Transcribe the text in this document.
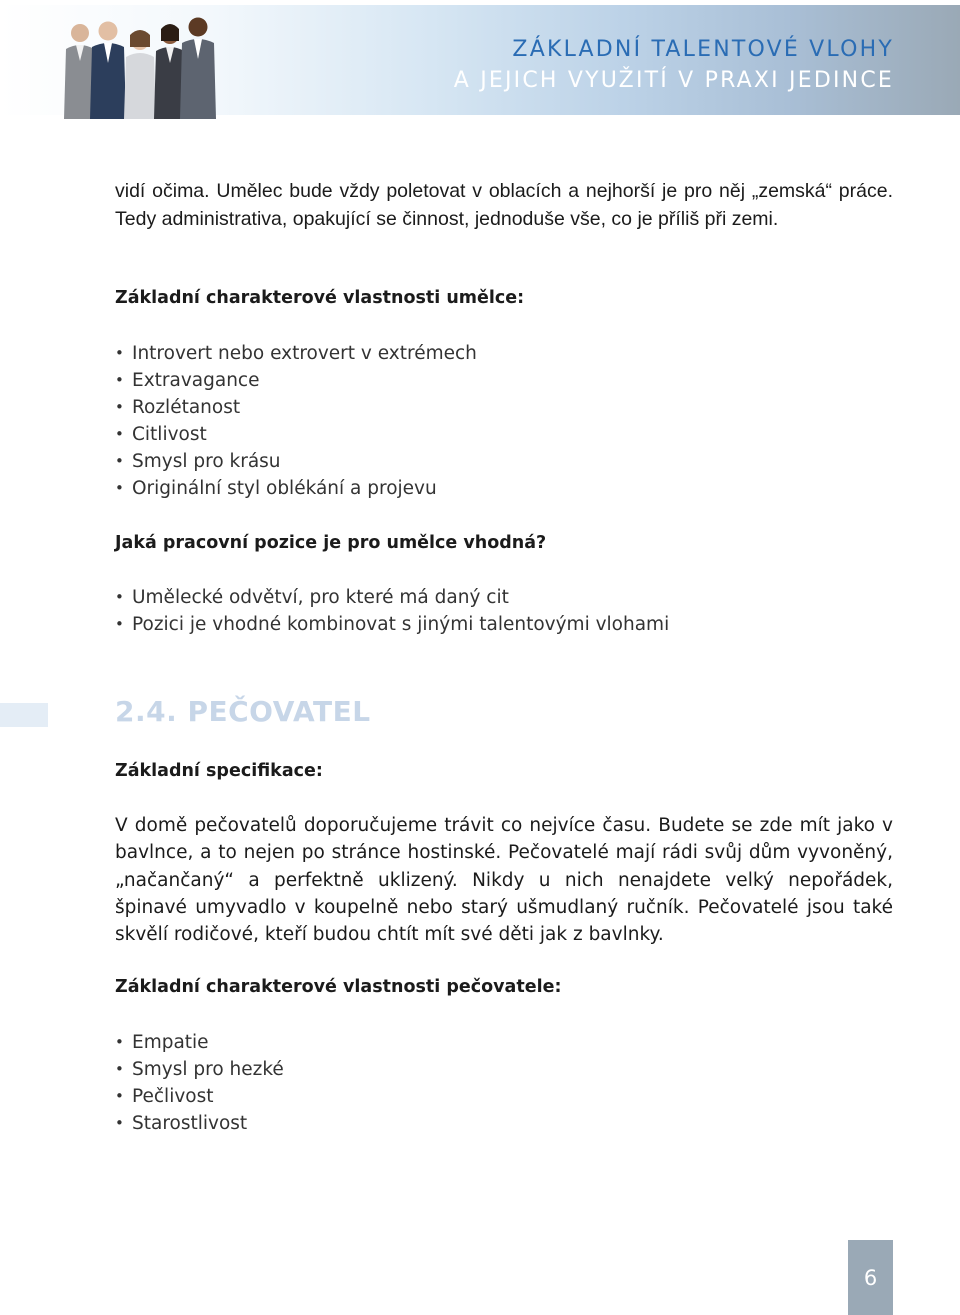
ZÁKLADNÍ TALENTOVÉ VLOHY
A JEJICH VYUŽITÍ V PRAXI JEDINCE

vidí očima. Umělec bude vždy poletovat v oblacích a nejhorší je pro něj „zemská“ práce. Tedy administrativa, opakující se činnost, jednoduše vše, co je příliš při zemi.

Základní charakterové vlastnosti umělce:
• Introvert nebo extrovert v extrémech
• Extravagance
• Rozlétanost
• Citlivost
• Smysl pro krásu
• Originální styl oblékání a projevu
Jaká pracovní pozice je pro umělce vhodná?
• Umělecké odvětví, pro které má daný cit
• Pozici je vhodné kombinovat s jinými talentovými vlohami
2.4. PEČOVATEL
Základní specifikace:

V domě pečovatelů doporučujeme trávit co nejvíce času. Budete se zde mít jako v bavlnce, a to nejen po stránce hostinské. Pečovatelé mají rádi svůj dům vyvoněný, „načančaný“ a perfektně uklizený. Nikdy u nich nenajdete velký nepořádek, špinavé umyvadlo v koupelně nebo starý ušmudlaný ručník. Pečovatelé jsou také skvělí rodičové, kteří budou chtít mít své děti jak z bavlnky.

Základní charakterové vlastnosti pečovatele:
• Empatie
• Smysl pro hezké
• Pečlivost
• Starostlivost
6
